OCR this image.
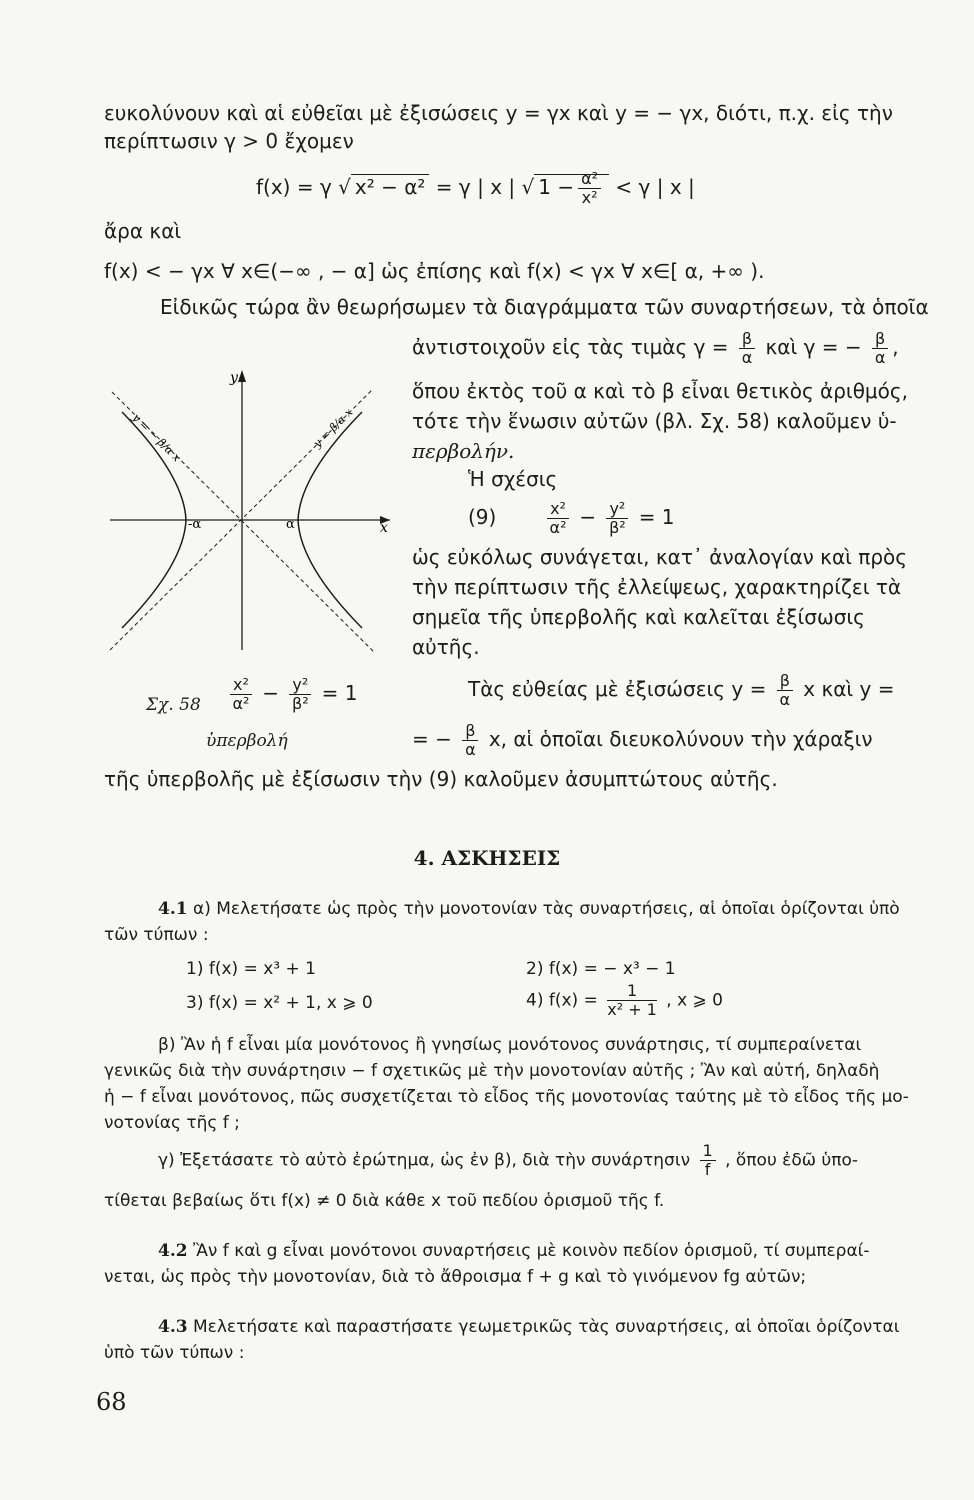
ευκολύνουν καὶ αἱ εὐθεῖαι μὲ ἐξισώσεις y = γx καὶ y = − γx, διότι, π.χ. εἰς τὴν
περίπτωσιν γ > 0 ἔχομεν
f(x) = γ √ x² − α² = γ | x | √ $1 - \frac{\text{α²}}{\text{x²}} < \gamma$ | x |
ἄρα καὶ
f(x) < − γx ∀ x∈(−∞ , − α] ὡς ἐπίσης καὶ f(x) < γx ∀ x∈[ α, +∞ ).
Εἰδικῶς τώρα ἂν θεωρήσωμεν τὰ διαγράμματα τῶν συναρτήσεων, τὰ ὁποῖα
ἀντιστοιχοῦν εἰς τὰς τιμὰς $\gamma = \frac{\beta}{\alpha}$ καὶ γ = − $\frac{\beta}{\alpha}$ ,
ὅπου ἐκτὸς τοῦ α καὶ τὸ β εἶναι θετικὸς ἀριθμός,
τότε τὴν ἕνωσιν αὐτῶν (βλ. Σχ. 58) καλοῦμεν ὑ-
περβολήν.
Ἡ σχέσις
(9)	$\frac{\text{x²}}{\text{α²}} - \frac{\text{y²}}{\text{β²}} = 1$
ὡς εὐκόλως συνάγεται, κατ᾽ ἀναλογίαν καὶ πρὸς
τὴν περίπτωσιν τῆς ἐλλείψεως, χαρακτηρίζει τὰ
σημεῖα τῆς ὑπερβολῆς καὶ καλεῖται ἐξίσωσις
αὐτῆς.
Τὰς εὐθείας μὲ ἐξισώσεις $y = \frac{\beta}{\alpha}$ x καὶ y =
= − $\frac{\beta}{\alpha} x$, αἱ ὁποῖαι διευκολύνουν τὴν χάραξιν
τῆς ὑπερβολῆς μὲ ἐξίσωσιν τὴν (9) καλοῦμεν ἀσυμπτώτους αὐτῆς.
y
x
-α	α
y = − β/α x	y = β/α x
Σχ. $58 \frac{\text{x²}}{\text{α²}} - \frac{\text{y²}}{\text{β²}} = 1$
ὑπερβολή
4. ΑΣΚΗΣΕΙΣ
4.1 α) Μελετήσατε ὡς πρὸς τὴν μονοτονίαν τὰς συναρτήσεις, αἱ ὁποῖαι ὁρίζονται ὑπὸ
τῶν τύπων :
1) f(x) = x³ + 1	2) f(x) = − x³ − 1
3) f(x) = x² + 1, x ⩾ 0	4) $f(x) = \frac{1}{\text{x² + 1}}$ , x ⩾ 0
β) Ἂν ἡ f εἶναι μία μονότονος ἢ γνησίως μονότονος συνάρτησις, τί συμπεραίνεται
γενικῶς διὰ τὴν συνάρτησιν − f σχετικῶς μὲ τὴν μονοτονίαν αὐτῆς ; Ἂν καὶ αὐτή, δηλαδὴ
ἡ − f εἶναι μονότονος, πῶς συσχετίζεται τὸ εἶδος τῆς μονοτονίας ταύτης μὲ τὸ εἶδος τῆς μο-
νοτονίας τῆς f ;
γ) Ἐξετάσατε τὸ αὐτὸ ἐρώτημα, ὡς ἐν β), διὰ τὴν συνάρτησιν $\frac{1}{f}$ , ὅπου ἐδῶ ὑπο-
τίθεται βεβαίως ὅτι f(x) ≠ 0 διὰ κάθε x τοῦ πεδίου ὁρισμοῦ τῆς f.
4.2 Ἂν f καὶ g εἶναι μονότονοι συναρτήσεις μὲ κοινὸν πεδίον ὁρισμοῦ, τί συμπεραί-
νεται, ὡς πρὸς τὴν μονοτονίαν, διὰ τὸ ἄθροισμα f + g καὶ τὸ γινόμενον fg αὐτῶν;
4.3 Μελετήσατε καὶ παραστήσατε γεωμετρικῶς τὰς συναρτήσεις, αἱ ὁποῖαι ὁρίζονται
ὑπὸ τῶν τύπων :
68
